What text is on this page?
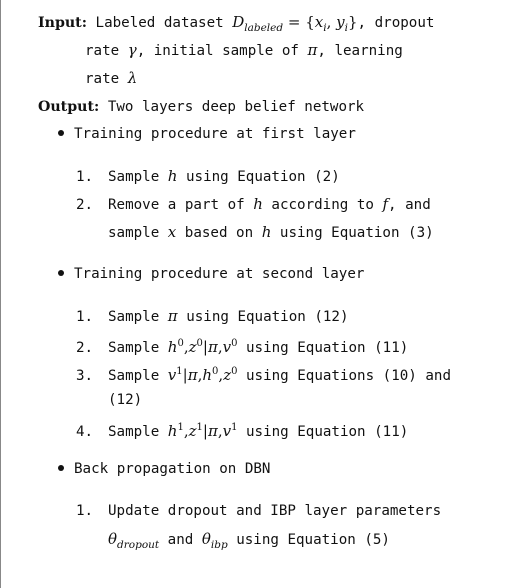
Input: Labeled dataset $D_{labeled} = \{x_i$, $y_i$}, dropout
rate γ, initial sample of π, learning
rate λ
Output: Two layers deep belief network
Training procedure at first layer
1. Sample h using Equation (2)
2. Remove a part of h according to f, and
sample x based on h using Equation (3)
Training procedure at second layer
1. Sample π using Equation (12)
2. Sample $h^0,z^0|\pi,v^0$ using Equation (11)
3. Sample $v^1|\pi,h^0,z^0$ using Equations (10) and
(12)
4. Sample $h^1,z^1|\pi,v^1$ using Equation (11)
Back propagation on DBN
1. Update dropout and IBP layer parameters
$\theta_{dropout}$ and $\theta_{ibp}$ using Equation (5)
